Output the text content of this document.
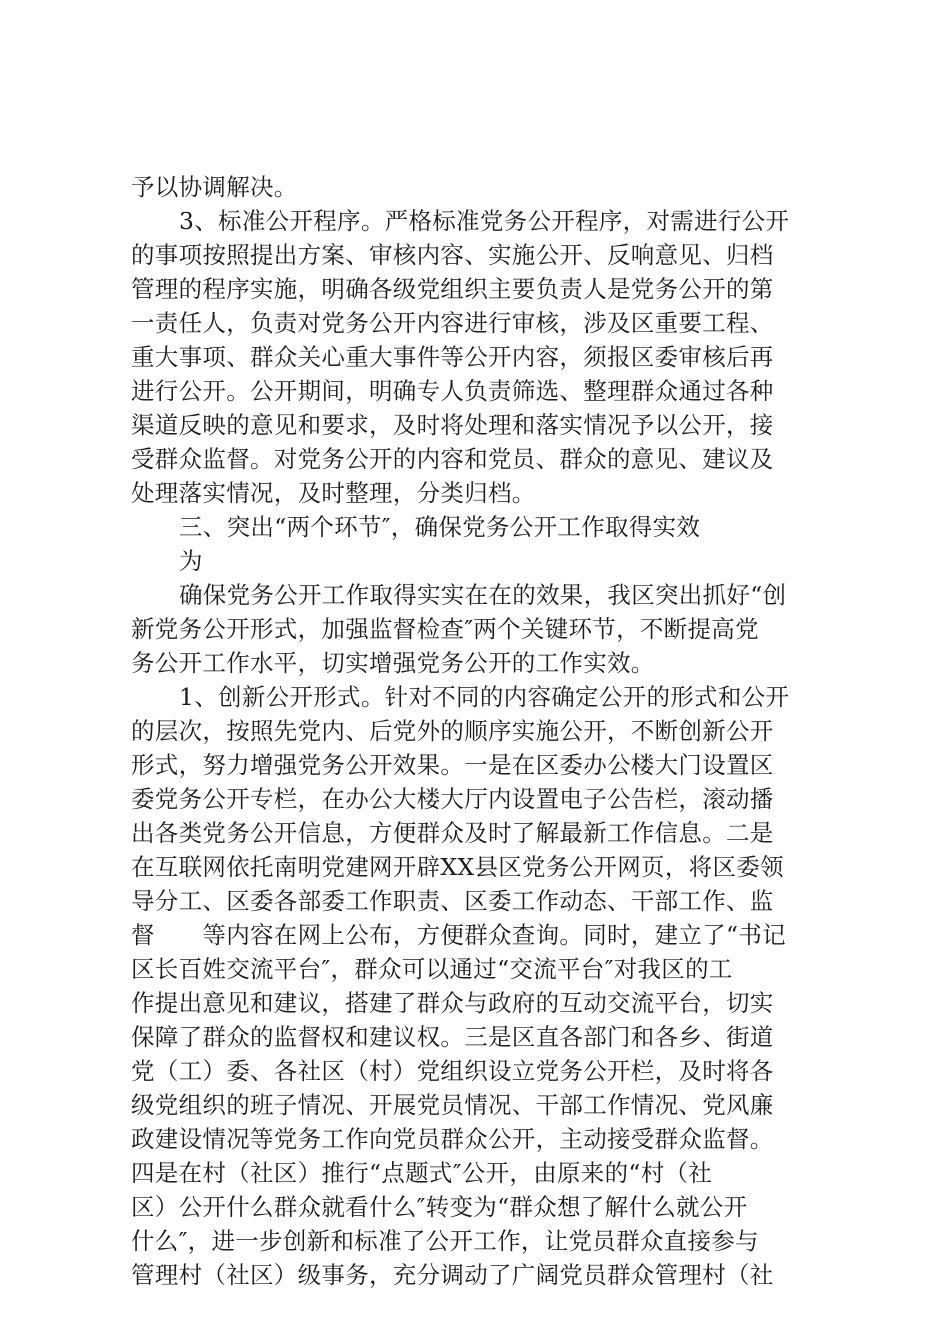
予以协调解决。
3、标准公开程序。严格标准党务公开程序，对需进行公开
的事项按照提出方案、审核内容、实施公开、反响意见、归档
管理的程序实施，明确各级党组织主要负责人是党务公开的第
一责任人，负责对党务公开内容进行审核，涉及区重要工程、
重大事项、群众关心重大事件等公开内容，须报区委审核后再
进行公开。公开期间，明确专人负责筛选、整理群众通过各种
渠道反映的意见和要求，及时将处理和落实情况予以公开，接
受群众监督。对党务公开的内容和党员、群众的意见、建议及
处理落实情况，及时整理，分类归档。
三、突出“两个环节″，确保党务公开工作取得实效
为
确保党务公开工作取得实实在在的效果，我区突出抓好“创
新党务公开形式，加强监督检查″两个关键环节，不断提高党
务公开工作水平，切实增强党务公开的工作实效。
1、创新公开形式。针对不同的内容确定公开的形式和公开
的层次，按照先党内、后党外的顺序实施公开，不断创新公开
形式，努力增强党务公开效果。一是在区委办公楼大门设置区
委党务公开专栏，在办公大楼大厅内设置电子公告栏，滚动播
出各类党务公开信息，方便群众及时了解最新工作信息。二是
在互联网依托南明党建网开辟XX县区党务公开网页，将区委领
导分工、区委各部委工作职责、区委工作动态、干部工作、监
督　　等内容在网上公布，方便群众查询。同时，建立了“书记
区长百姓交流平台″，群众可以通过“交流平台″对我区的工
作提出意见和建议，搭建了群众与政府的互动交流平台，切实
保障了群众的监督权和建议权。三是区直各部门和各乡、街道
党（工）委、各社区（村）党组织设立党务公开栏，及时将各
级党组织的班子情况、开展党员情况、干部工作情况、党风廉
政建设情况等党务工作向党员群众公开，主动接受群众监督。
四是在村（社区）推行“点题式″公开，由原来的“村（社
区）公开什么群众就看什么″转变为“群众想了解什么就公开
什么″，进一步创新和标准了公开工作，让党员群众直接参与
管理村（社区）级事务，充分调动了广阔党员群众管理村（社
